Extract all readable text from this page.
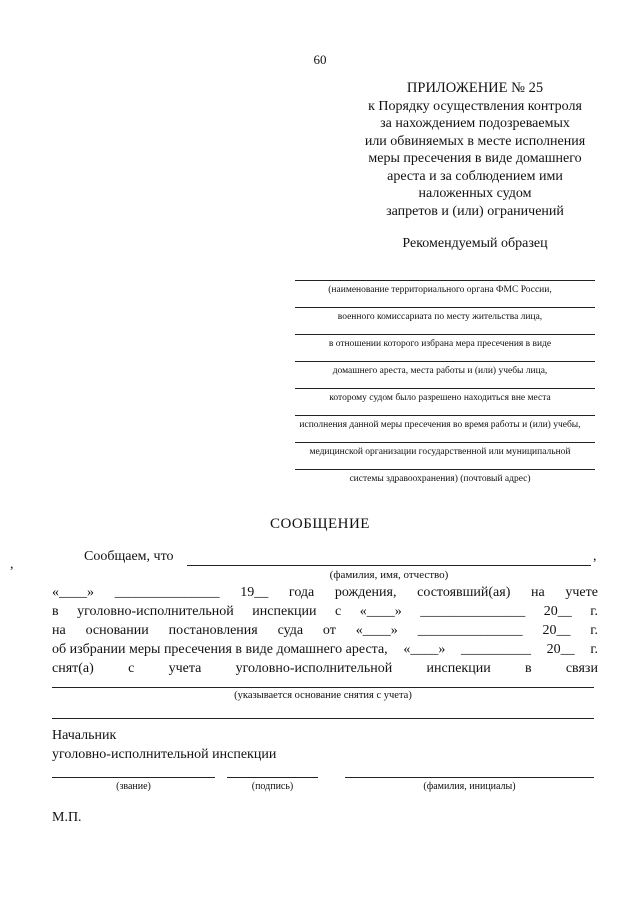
60
ПРИЛОЖЕНИЕ № 25
к Порядку осуществления контроля
за нахождением подозреваемых
или обвиняемых в месте исполнения
меры пресечения в виде домашнего
ареста и за соблюдением ими
наложенных судом
запретов и (или) ограничений
Рекомендуемый образец
(наименование территориального органа ФМС России,
военного комиссариата по месту жительства лица,
в отношении которого избрана мера пресечения в виде
домашнего ареста, места работы и (или) учебы лица,
которому судом было разрешено находиться вне места
исполнения данной меры пресечения во время работы и (или) учебы,
медицинской организации государственной или муниципальной
системы здравоохранения) (почтовый адрес)
СООБЩЕНИЕ
,
Сообщаем, что	,
(фамилия, имя, отчество)
«____» _______________ 19__ года рождения, состоявший(ая) на учете
в уголовно-исполнительной инспекции с «____» _______________ 20__ г.
на основании постановления суда от «____» _______________ 20__ г.
об избрании меры пресечения в виде домашнего ареста, «____» __________ 20__ г.
снят(а) с учета уголовно-исполнительной инспекции в связи
(указывается основание снятия с учета)
Начальник
уголовно-исполнительной инспекции
(звание)	(подпись)	(фамилия, инициалы)
М.П.
